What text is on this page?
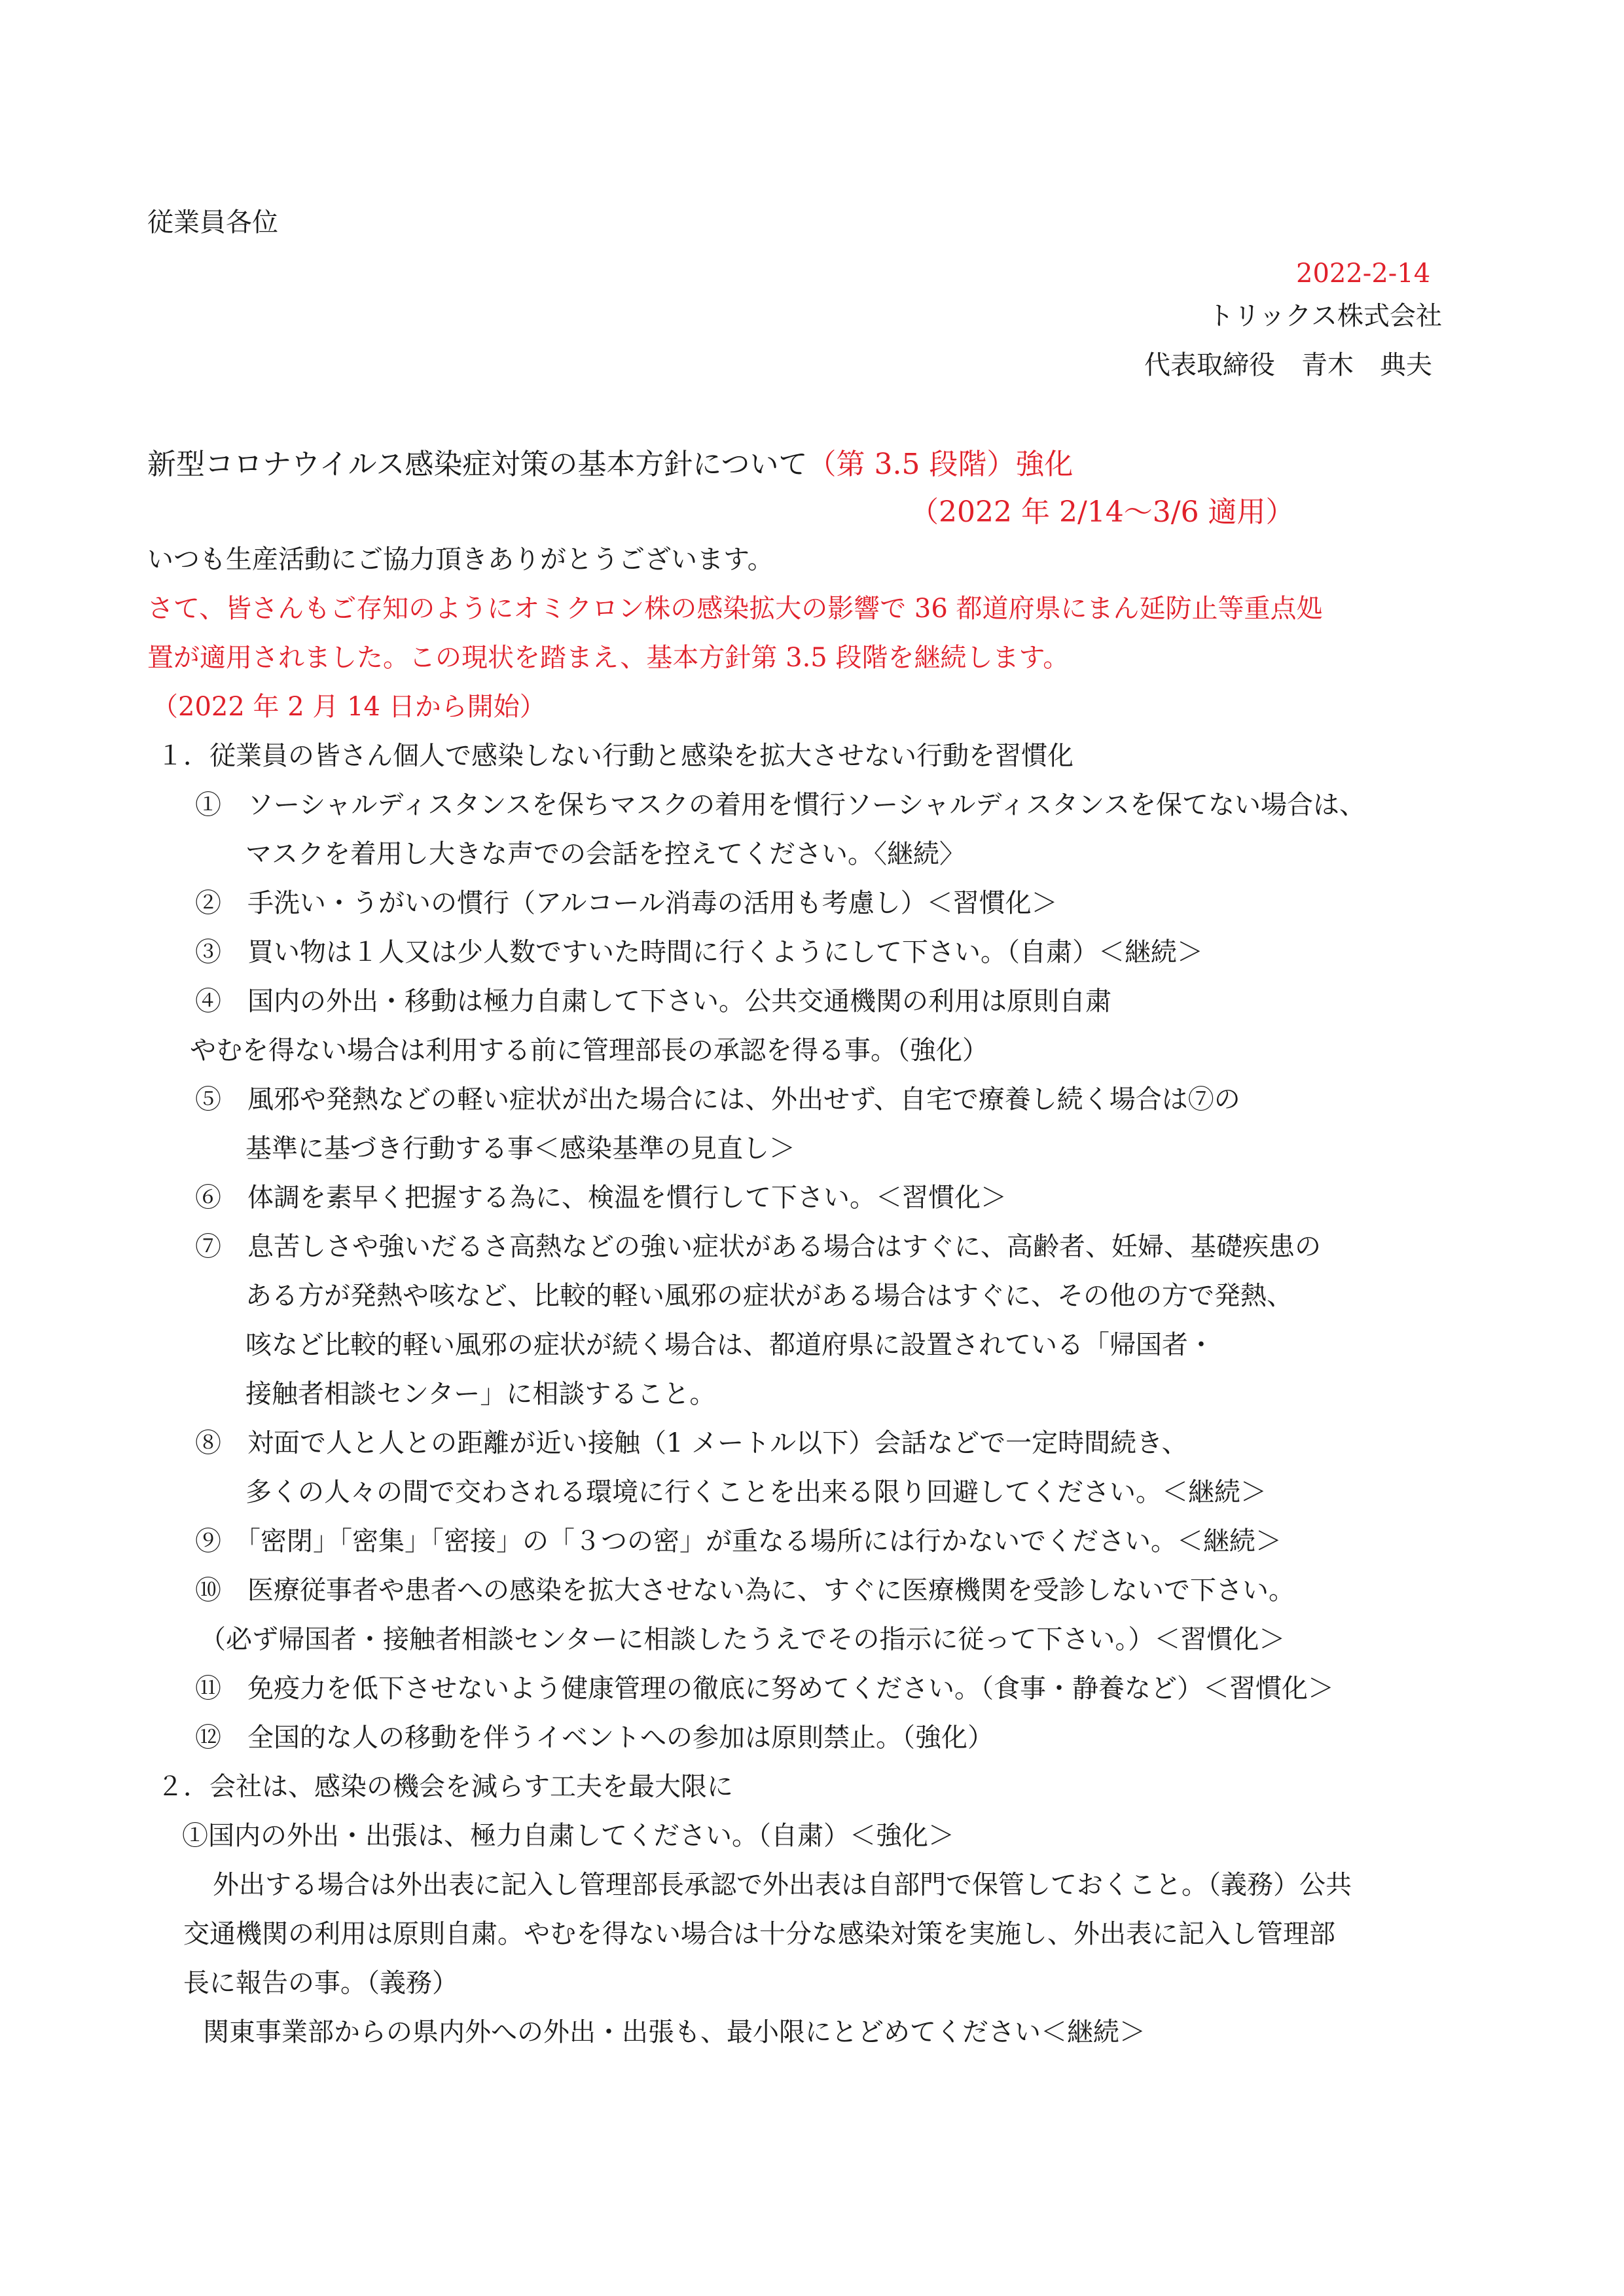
従業員各位

2022-2-14

トリックス株式会社

代表取締役　青木　典夫

新型コロナウイルス感染症対策の基本方針について（第 3.5 段階）強化

（2022 年 2/14～3/6 適用）

いつも生産活動にご協力頂きありがとうございます。

さて、皆さんもご存知のようにオミクロン株の感染拡大の影響で 36 都道府県にまん延防止等重点処

置が適用されました。この現状を踏まえ、基本方針第 3.5 段階を継続します。

（2022 年 2 月 14 日から開始）

１．従業員の皆さん個人で感染しない行動と感染を拡大させない行動を習慣化

①　ソーシャルディスタンスを保ちマスクの着用を慣行ソーシャルディスタンスを保てない場合は、

マスクを着用し大きな声での会話を控えてください。〈継続〉

②　手洗い・うがいの慣行（アルコール消毒の活用も考慮し）＜習慣化＞

③　買い物は１人又は少人数ですいた時間に行くようにして下さい。（自粛）＜継続＞

④　国内の外出・移動は極力自粛して下さい。公共交通機関の利用は原則自粛

やむを得ない場合は利用する前に管理部長の承認を得る事。（強化）

⑤　風邪や発熱などの軽い症状が出た場合には、外出せず、自宅で療養し続く場合は⑦の

基準に基づき行動する事＜感染基準の見直し＞

⑥　体調を素早く把握する為に、検温を慣行して下さい。＜習慣化＞

⑦　息苦しさや強いだるさ高熱などの強い症状がある場合はすぐに、高齢者、妊婦、基礎疾患の

ある方が発熱や咳など、比較的軽い風邪の症状がある場合はすぐに、その他の方で発熱、

咳など比較的軽い風邪の症状が続く場合は、都道府県に設置されている「帰国者・

接触者相談センター」に相談すること。

⑧　対面で人と人との距離が近い接触（1 メートル以下）会話などで一定時間続き、

多くの人々の間で交わされる環境に行くことを出来る限り回避してください。＜継続＞

⑨　「密閉」「密集」「密接」の「３つの密」が重なる場所には行かないでください。＜継続＞

⑩　医療従事者や患者への感染を拡大させない為に、すぐに医療機関を受診しないで下さい。

（必ず帰国者・接触者相談センターに相談したうえでその指示に従って下さい。）＜習慣化＞

⑪　免疫力を低下させないよう健康管理の徹底に努めてください。（食事・静養など）＜習慣化＞

⑫　全国的な人の移動を伴うイベントへの参加は原則禁止。（強化）

２．会社は、感染の機会を減らす工夫を最大限に

①国内の外出・出張は、極力自粛してください。（自粛）＜強化＞

外出する場合は外出表に記入し管理部長承認で外出表は自部門で保管しておくこと。（義務）公共

交通機関の利用は原則自粛。やむを得ない場合は十分な感染対策を実施し、外出表に記入し管理部

長に報告の事。（義務）

関東事業部からの県内外への外出・出張も、最小限にとどめてください＜継続＞
